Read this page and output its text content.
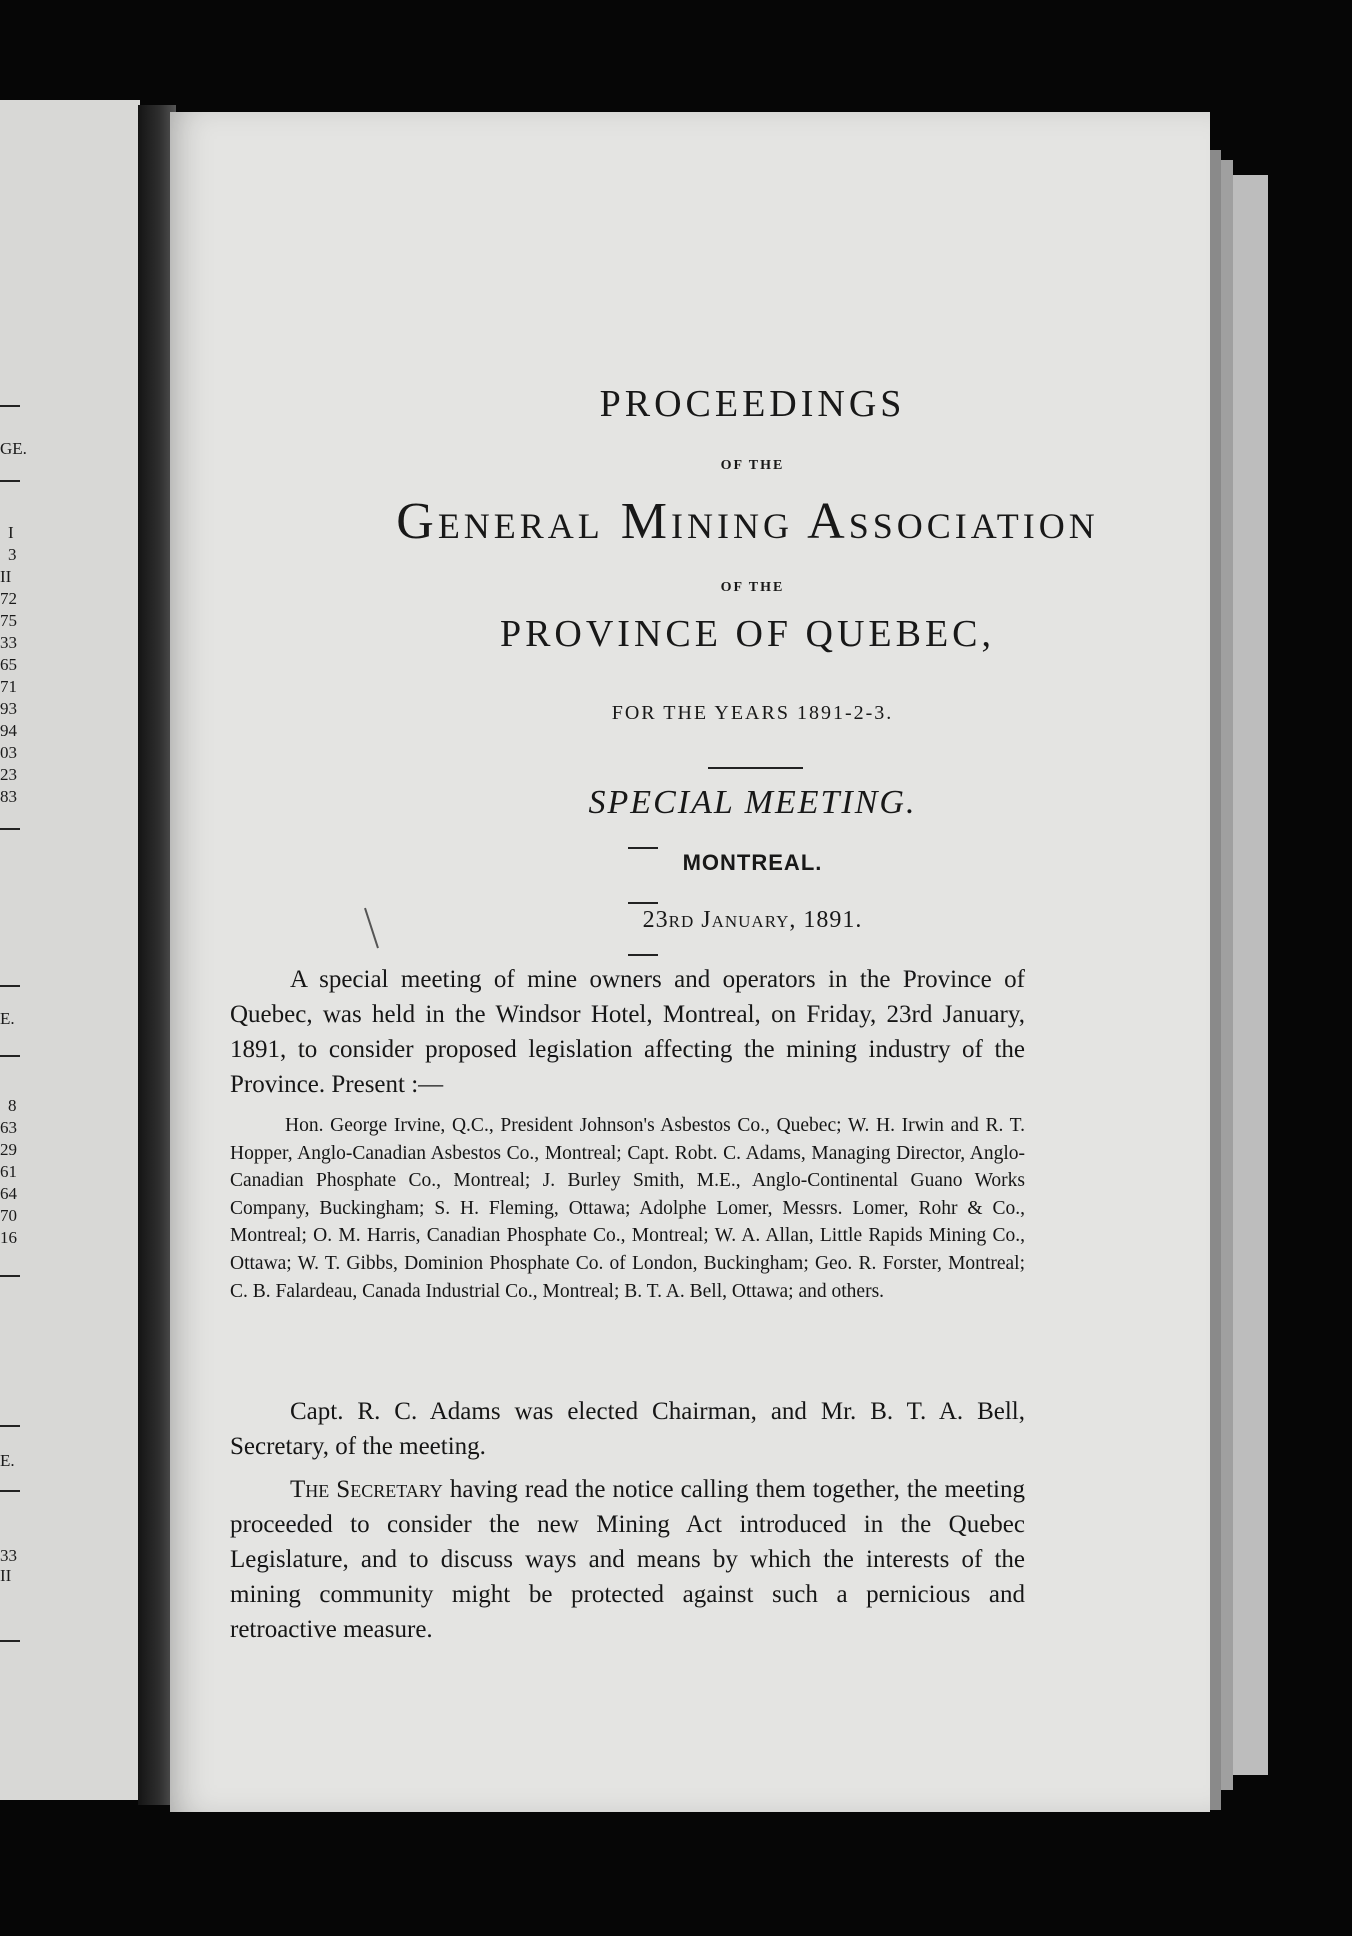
GE.
I
3
II
72
75
33
65
71
93
94
03
23
83
E.
8
63
29
61
64
70
16
E.
33
II
PROCEEDINGS
OF THE
General Mining Association
OF THE
PROVINCE OF QUEBEC,
FOR THE YEARS 1891-2-3.
SPECIAL MEETING.
MONTREAL.
23rd January, 1891.
A special meeting of mine owners and operators in the Province of Quebec, was held in the Windsor Hotel, Montreal, on Friday, 23rd January, 1891, to consider proposed legislation affecting the mining industry of the Province. Present :—
Hon. George Irvine, Q.C., President Johnson's Asbestos Co., Quebec; W. H. Irwin and R. T. Hopper, Anglo-Canadian Asbestos Co., Montreal; Capt. Robt. C. Adams, Managing Director, Anglo-Canadian Phosphate Co., Montreal; J. Burley Smith, M.E., Anglo-Continental Guano Works Company, Buckingham; S. H. Fleming, Ottawa; Adolphe Lomer, Messrs. Lomer, Rohr & Co., Montreal; O. M. Harris, Canadian Phosphate Co., Montreal; W. A. Allan, Little Rapids Mining Co., Ottawa; W. T. Gibbs, Dominion Phosphate Co. of London, Buckingham; Geo. R. Forster, Montreal; C. B. Falardeau, Canada Industrial Co., Montreal; B. T. A. Bell, Ottawa; and others.
Capt. R. C. Adams was elected Chairman, and Mr. B. T. A. Bell, Secretary, of the meeting.
The Secretary having read the notice calling them together, the meeting proceeded to consider the new Mining Act introduced in the Quebec Legislature, and to discuss ways and means by which the interests of the mining community might be protected against such a pernicious and retroactive measure.
